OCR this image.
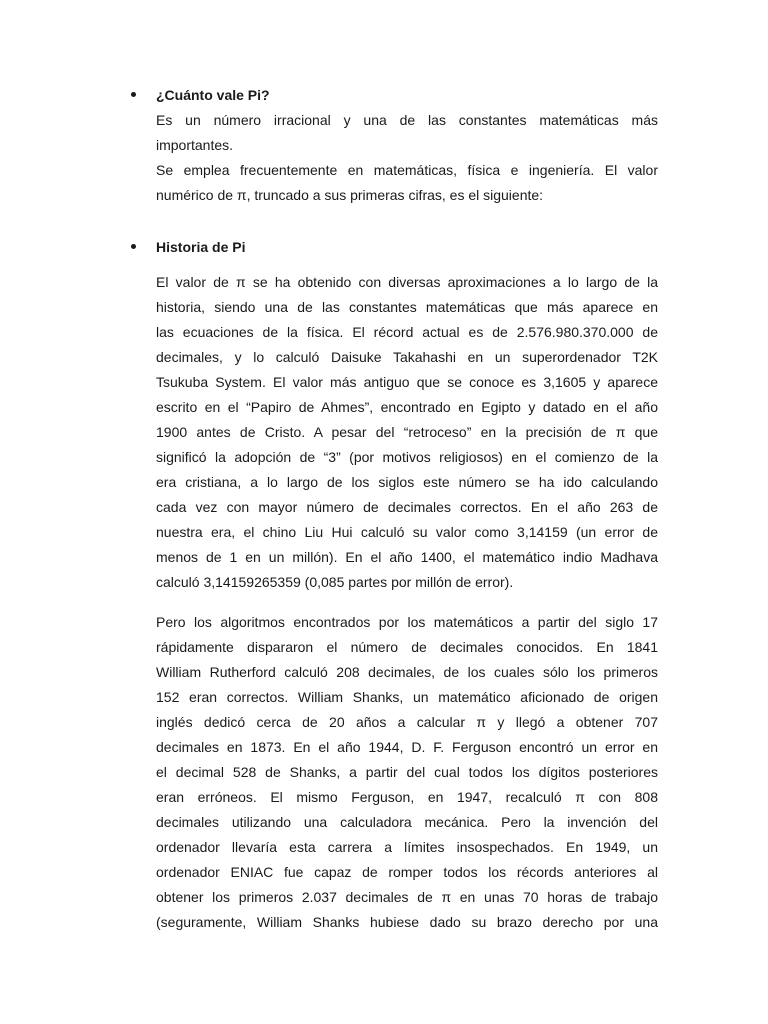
¿Cuánto vale Pi?
Es un número irracional y una de las constantes matemáticas más
importantes.
Se emplea frecuentemente en matemáticas, física e ingeniería. El valor
numérico de π, truncado a sus primeras cifras, es el siguiente:
Historia de Pi
El valor de π se ha obtenido con diversas aproximaciones a lo largo de la
historia, siendo una de las constantes matemáticas que más aparece en
las ecuaciones de la física. El récord actual es de 2.576.980.370.000 de
decimales, y lo calculó Daisuke Takahashi en un superordenador T2K
Tsukuba System. El valor más antiguo que se conoce es 3,1605 y aparece
escrito en el “Papiro de Ahmes”, encontrado en Egipto y datado en el año
1900 antes de Cristo. A pesar del “retroceso” en la precisión de π que
significó la adopción de “3” (por motivos religiosos) en el comienzo de la
era cristiana, a lo largo de los siglos este número se ha ido calculando
cada vez con mayor número de decimales correctos. En el año 263 de
nuestra era, el chino Liu Hui calculó su valor como 3,14159 (un error de
menos de 1 en un millón). En el año 1400, el matemático indio Madhava
calculó 3,14159265359 (0,085 partes por millón de error).
Pero los algoritmos encontrados por los matemáticos a partir del siglo 17
rápidamente dispararon el número de decimales conocidos. En 1841
William Rutherford calculó 208 decimales, de los cuales sólo los primeros
152 eran correctos. William Shanks, un matemático aficionado de origen
inglés dedicó cerca de 20 años a calcular π y llegó a obtener 707
decimales en 1873. En el año 1944, D. F. Ferguson encontró un error en
el decimal 528 de Shanks, a partir del cual todos los dígitos posteriores
eran erróneos. El mismo Ferguson, en 1947, recalculó π con 808
decimales utilizando una calculadora mecánica. Pero la invención del
ordenador llevaría esta carrera a límites insospechados. En 1949, un
ordenador ENIAC fue capaz de romper todos los récords anteriores al
obtener los primeros 2.037 decimales de π en unas 70 horas de trabajo
(seguramente, William Shanks hubiese dado su brazo derecho por una
